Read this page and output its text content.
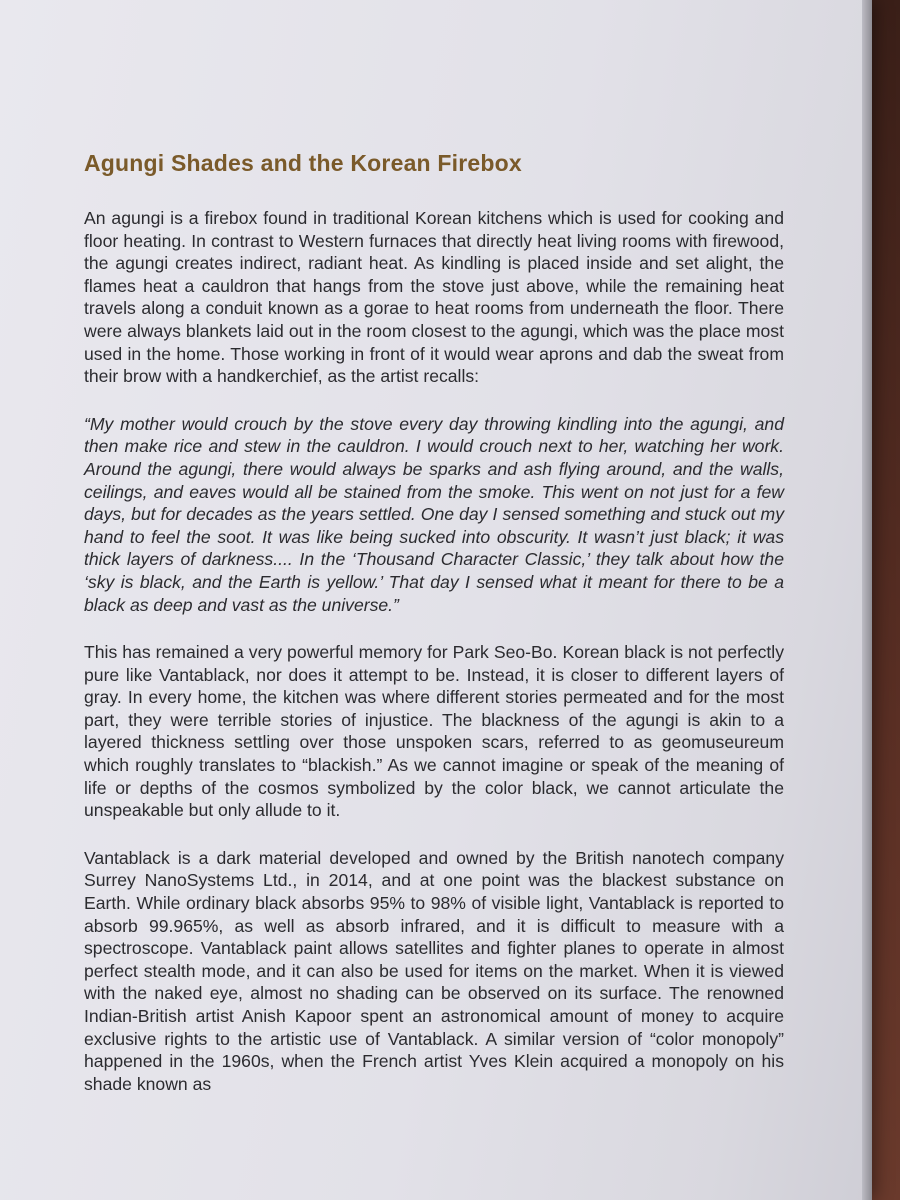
Agungi Shades and the Korean Firebox

An agungi is a firebox found in traditional Korean kitchens which is used for cooking and floor heating. In contrast to Western furnaces that directly heat living rooms with firewood, the agungi creates indirect, radiant heat. As kindling is placed inside and set alight, the flames heat a cauldron that hangs from the stove just above, while the remaining heat travels along a conduit known as a gorae to heat rooms from underneath the floor. There were always blankets laid out in the room closest to the agungi, which was the place most used in the home. Those working in front of it would wear aprons and dab the sweat from their brow with a handkerchief, as the artist recalls:

“My mother would crouch by the stove every day throwing kindling into the agungi, and then make rice and stew in the cauldron. I would crouch next to her, watching her work. Around the agungi, there would always be sparks and ash flying around, and the walls, ceilings, and eaves would all be stained from the smoke. This went on not just for a few days, but for decades as the years settled. One day I sensed something and stuck out my hand to feel the soot. It was like being sucked into obscurity. It wasn’t just black; it was thick layers of darkness.... In the ‘Thousand Character Classic,’ they talk about how the ‘sky is black, and the Earth is yellow.’ That day I sensed what it meant for there to be a black as deep and vast as the universe.”

This has remained a very powerful memory for Park Seo-Bo. Korean black is not perfectly pure like Vantablack, nor does it attempt to be. Instead, it is closer to different layers of gray. In every home, the kitchen was where different stories permeated and for the most part, they were terrible stories of injustice. The blackness of the agungi is akin to a layered thickness settling over those unspoken scars, referred to as geomuseureum which roughly translates to “blackish.” As we cannot imagine or speak of the meaning of life or depths of the cosmos symbolized by the color black, we cannot articulate the unspeakable but only allude to it.

Vantablack is a dark material developed and owned by the British nanotech company Surrey NanoSystems Ltd., in 2014, and at one point was the blackest substance on Earth. While ordinary black absorbs 95% to 98% of visible light, Vantablack is reported to absorb 99.965%, as well as absorb infrared, and it is difficult to measure with a spectroscope. Vantablack paint allows satellites and fighter planes to operate in almost perfect stealth mode, and it can also be used for items on the market. When it is viewed with the naked eye, almost no shading can be observed on its surface. The renowned Indian-British artist Anish Kapoor spent an astronomical amount of money to acquire exclusive rights to the artistic use of Vantablack. A similar version of “color monopoly” happened in the 1960s, when the French artist Yves Klein acquired a monopoly on his shade known as
